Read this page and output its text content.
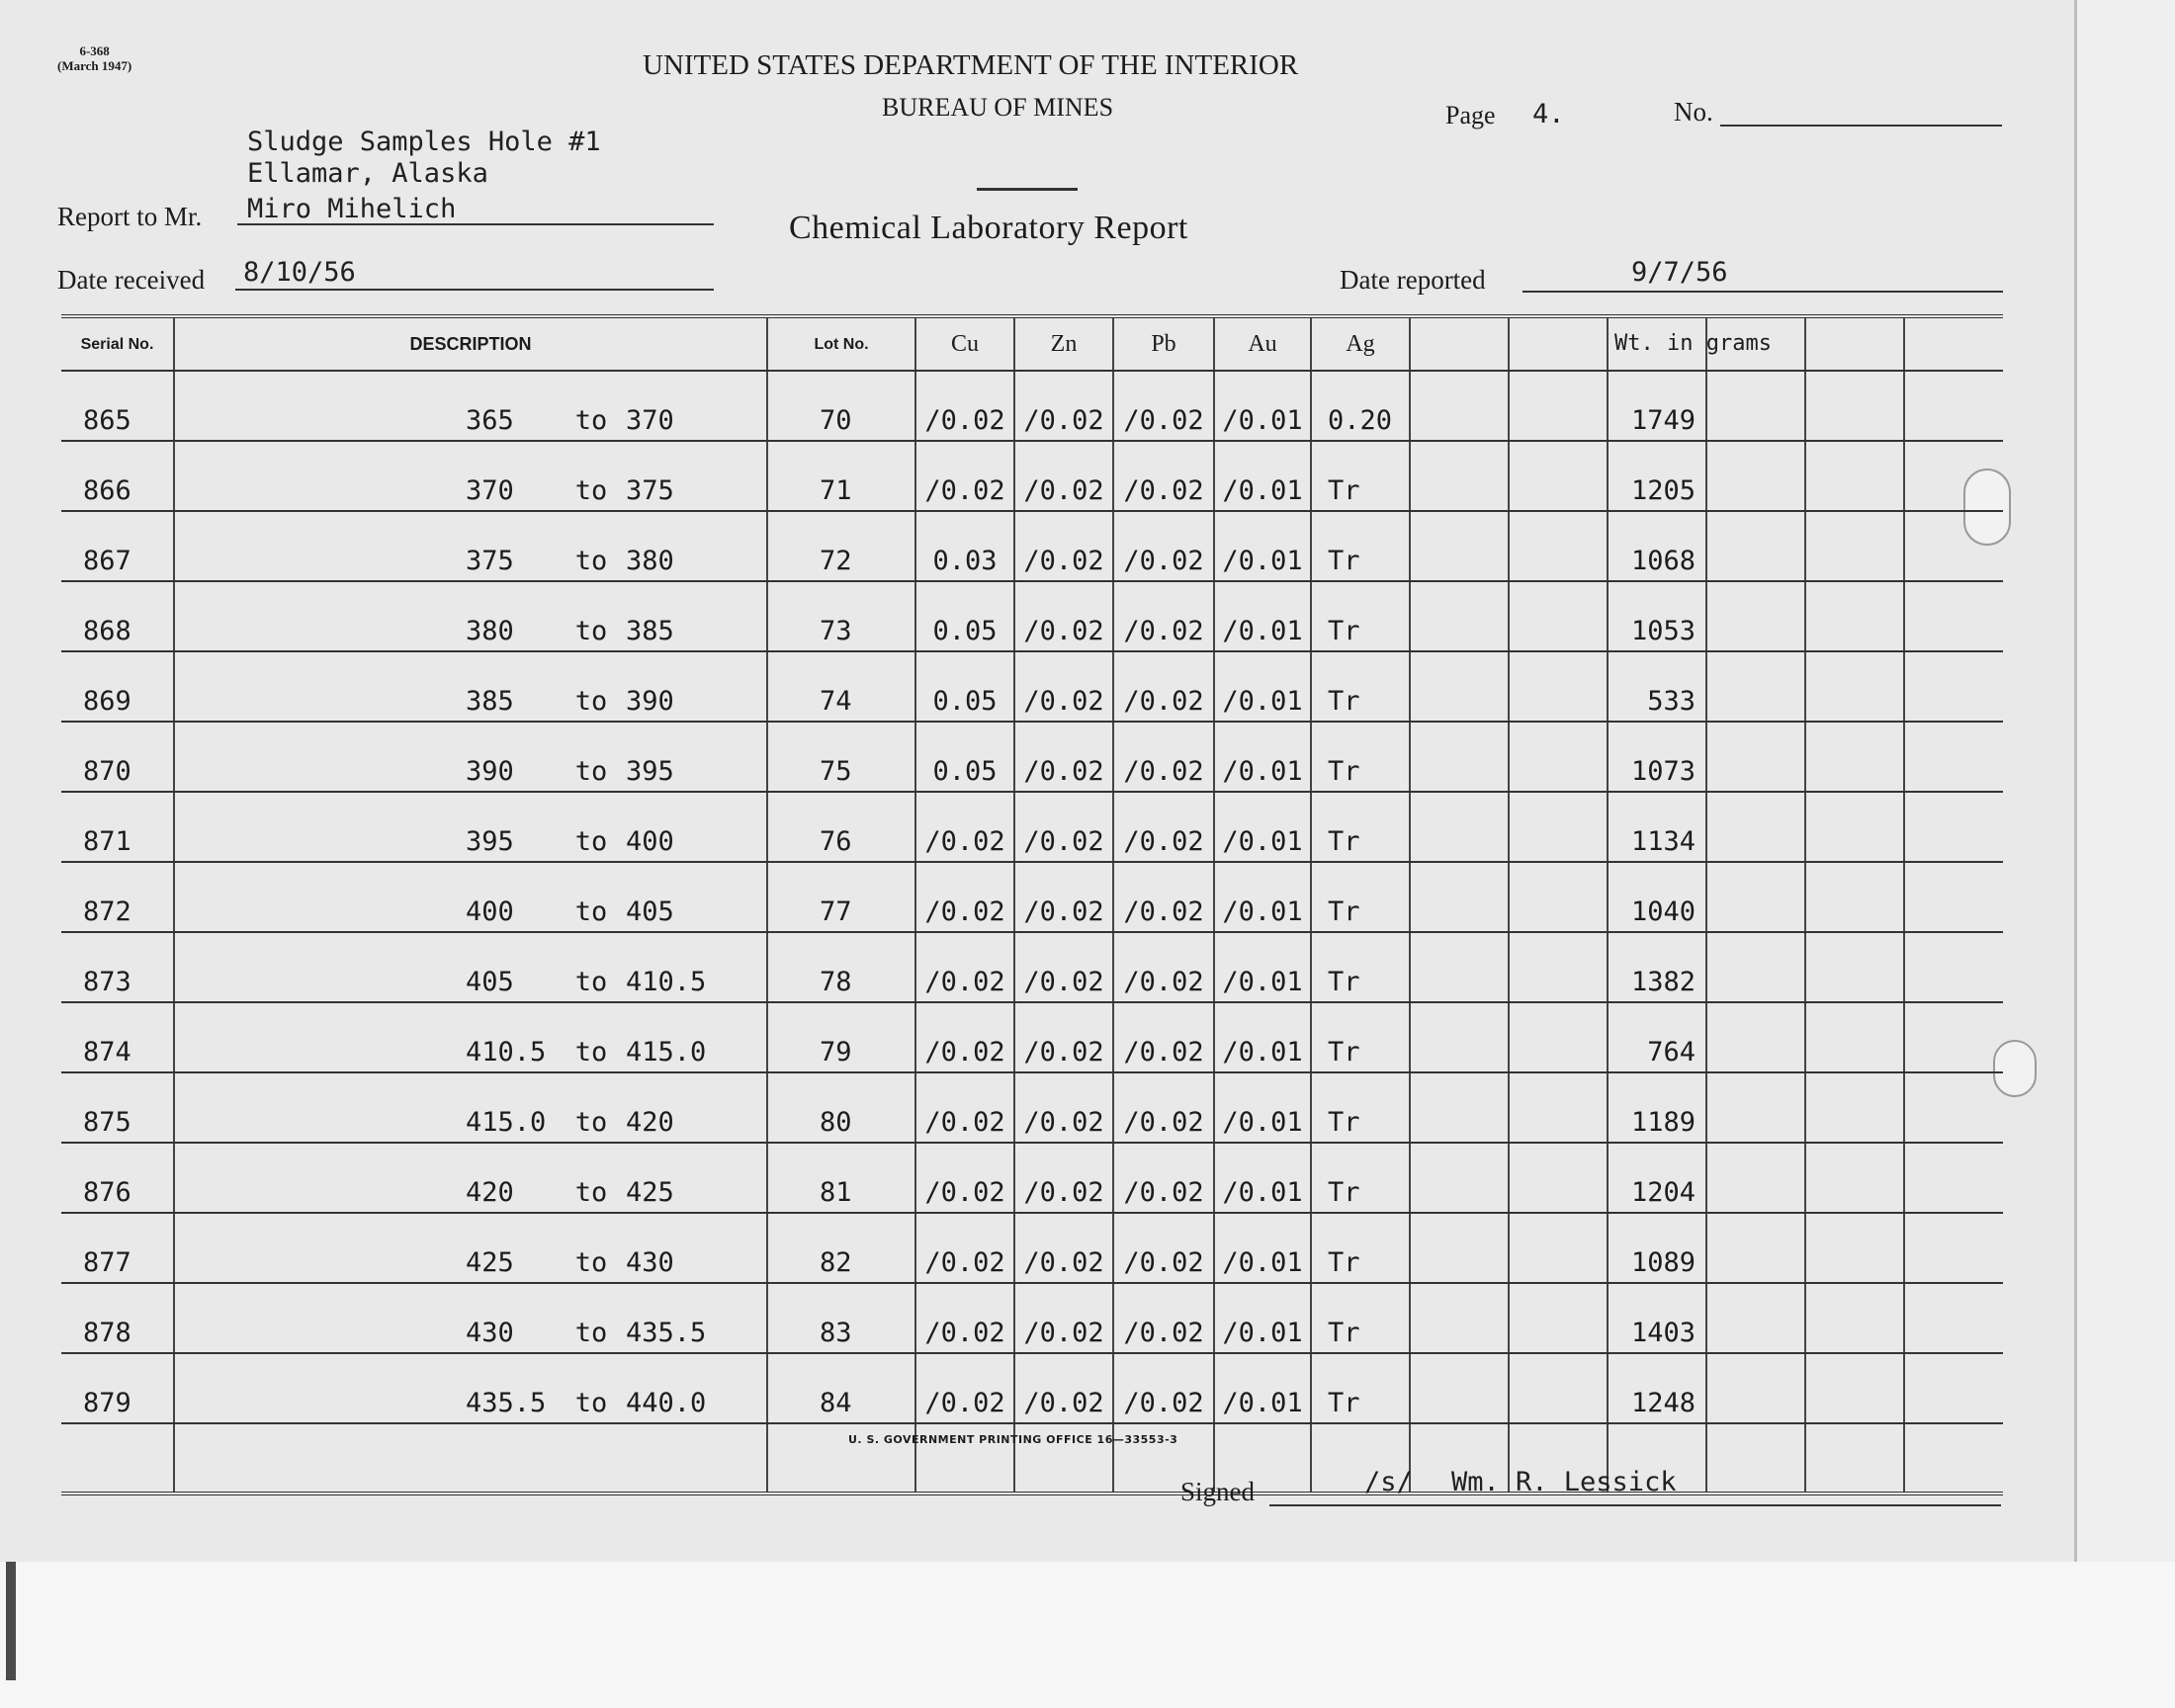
6-368
(March 1947)	UNITED STATES DEPARTMENT OF THE INTERIOR
BUREAU OF MINES	Page 4.	No.
Chemical Laboratory Report
Sludge Samples Hole #1
Ellamar, Alaska
Report to Mr. Miro Mihelich
Date received 8/10/56	Date reported	9/7/56
Serial No.	DESCRIPTION	Lot No.	Cu	Zn	Pb	Au	Ag			Wt. in grams			
865	365 to 370	70	/0.02	/0.02	/0.02	/0.01	0.20			1749			
866	370 to 375	71	/0.02	/0.02	/0.02	/0.01	Tr			1205			
867	375 to 380	72	0.03	/0.02	/0.02	/0.01	Tr			1068			
868	380 to 385	73	0.05	/0.02	/0.02	/0.01	Tr			1053			
869	385 to 390	74	0.05	/0.02	/0.02	/0.01	Tr			533			
870	390 to 395	75	0.05	/0.02	/0.02	/0.01	Tr			1073			
871	395 to 400	76	/0.02	/0.02	/0.02	/0.01	Tr			1134			
872	400 to 405	77	/0.02	/0.02	/0.02	/0.01	Tr			1040			
873	405 to 410.5	78	/0.02	/0.02	/0.02	/0.01	Tr			1382			
874	410.5 to 415.0	79	/0.02	/0.02	/0.02	/0.01	Tr			764			
875	415.0 to 420	80	/0.02	/0.02	/0.02	/0.01	Tr			1189			
876	420 to 425	81	/0.02	/0.02	/0.02	/0.01	Tr			1204			
877	425 to 430	82	/0.02	/0.02	/0.02	/0.01	Tr			1089			
878	430 to 435.5	83	/0.02	/0.02	/0.02	/0.01	Tr			1403			
879	435.5 to 440.0	84	/0.02	/0.02	/0.02	/0.01	Tr			1248			

U. S. GOVERNMENT PRINTING OFFICE 16—33553-3
Signed	/s/ Wm. R. Lessick
